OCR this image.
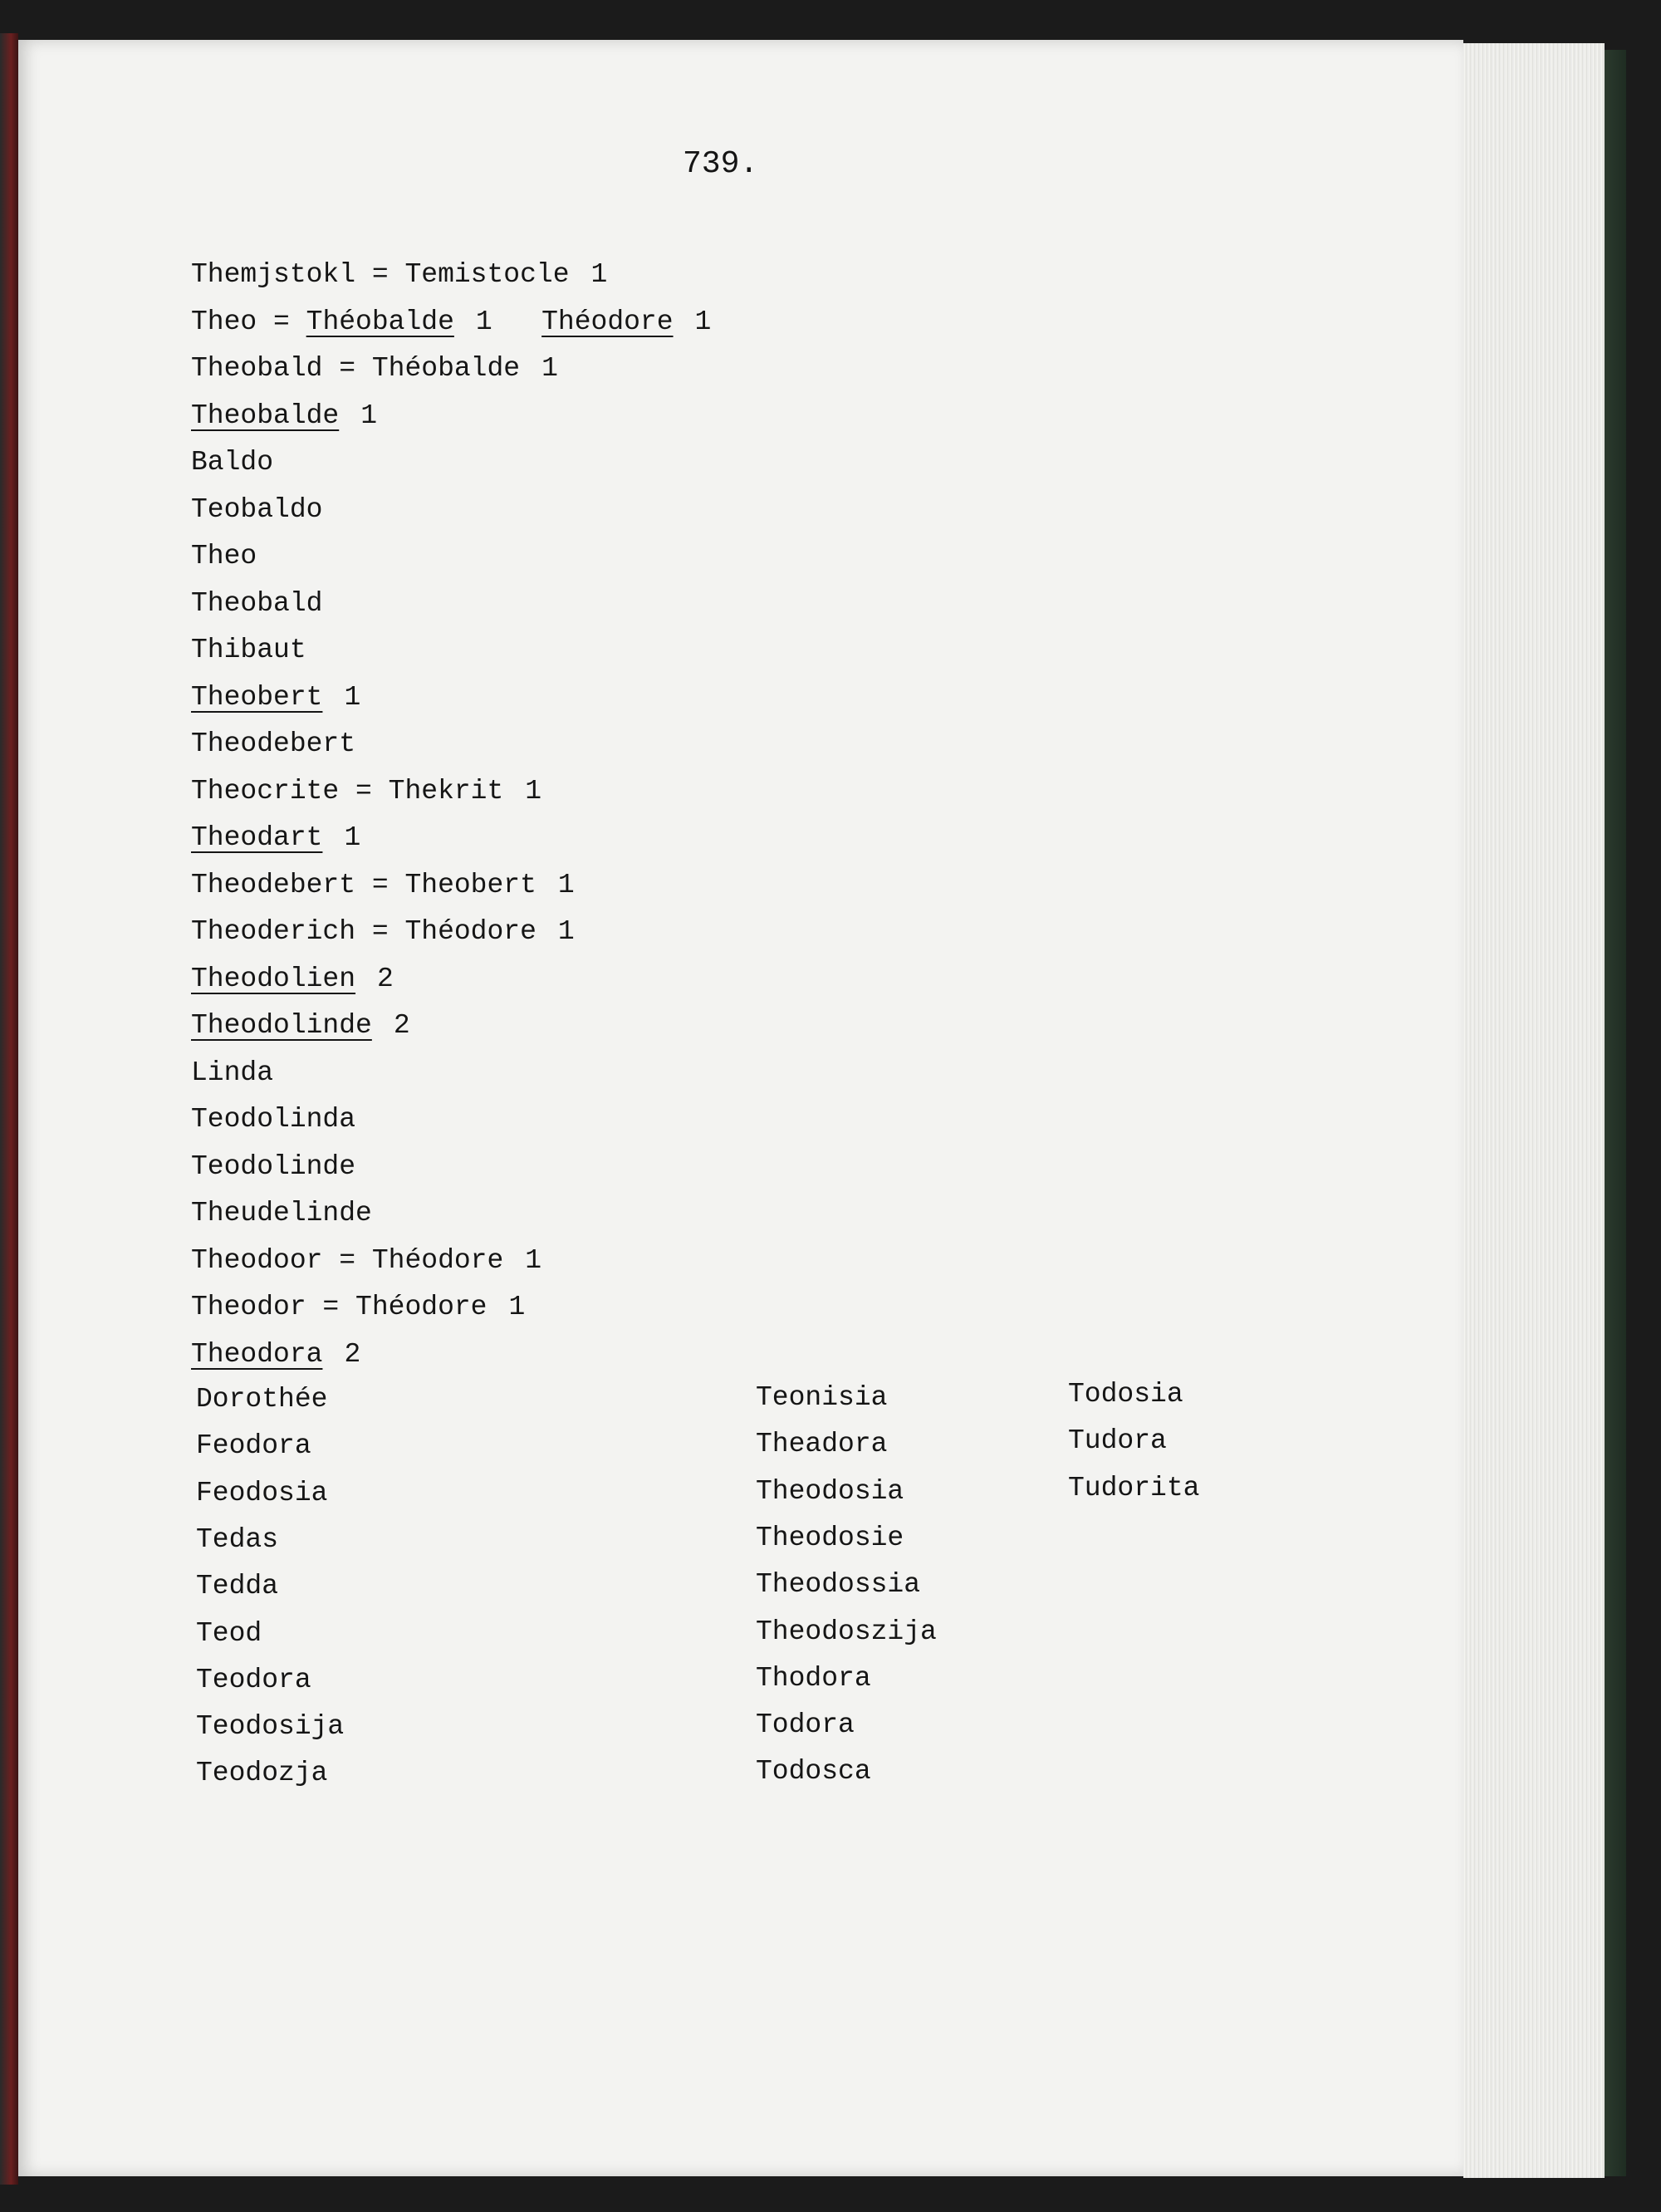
739.
Themjstokl = Temistocle 1
Theo = Théobalde 1 Théodore 1
Theobald = Théobalde 1
Theobalde 1
Baldo
Teobaldo
Theo
Theobald
Thibaut
Theobert 1
Theodebert
Theocrite = Thekrit 1
Theodart 1
Theodebert = Theobert 1
Theoderich = Théodore 1
Theodolien 2
Theodolinde 2
Linda
Teodolinda
Teodolinde
Theudelinde
Theodoor = Théodore 1
Theodor = Théodore 1
Theodora 2
Dorothée
Feodora
Feodosia
Tedas
Tedda
Teod
Teodora
Teodosija
Teodozja
Teonisia
Theadora
Theodosia
Theodosie
Theodossia
Theodoszija
Thodora
Todora
Todosca
Todosia
Tudora
Tudorita
